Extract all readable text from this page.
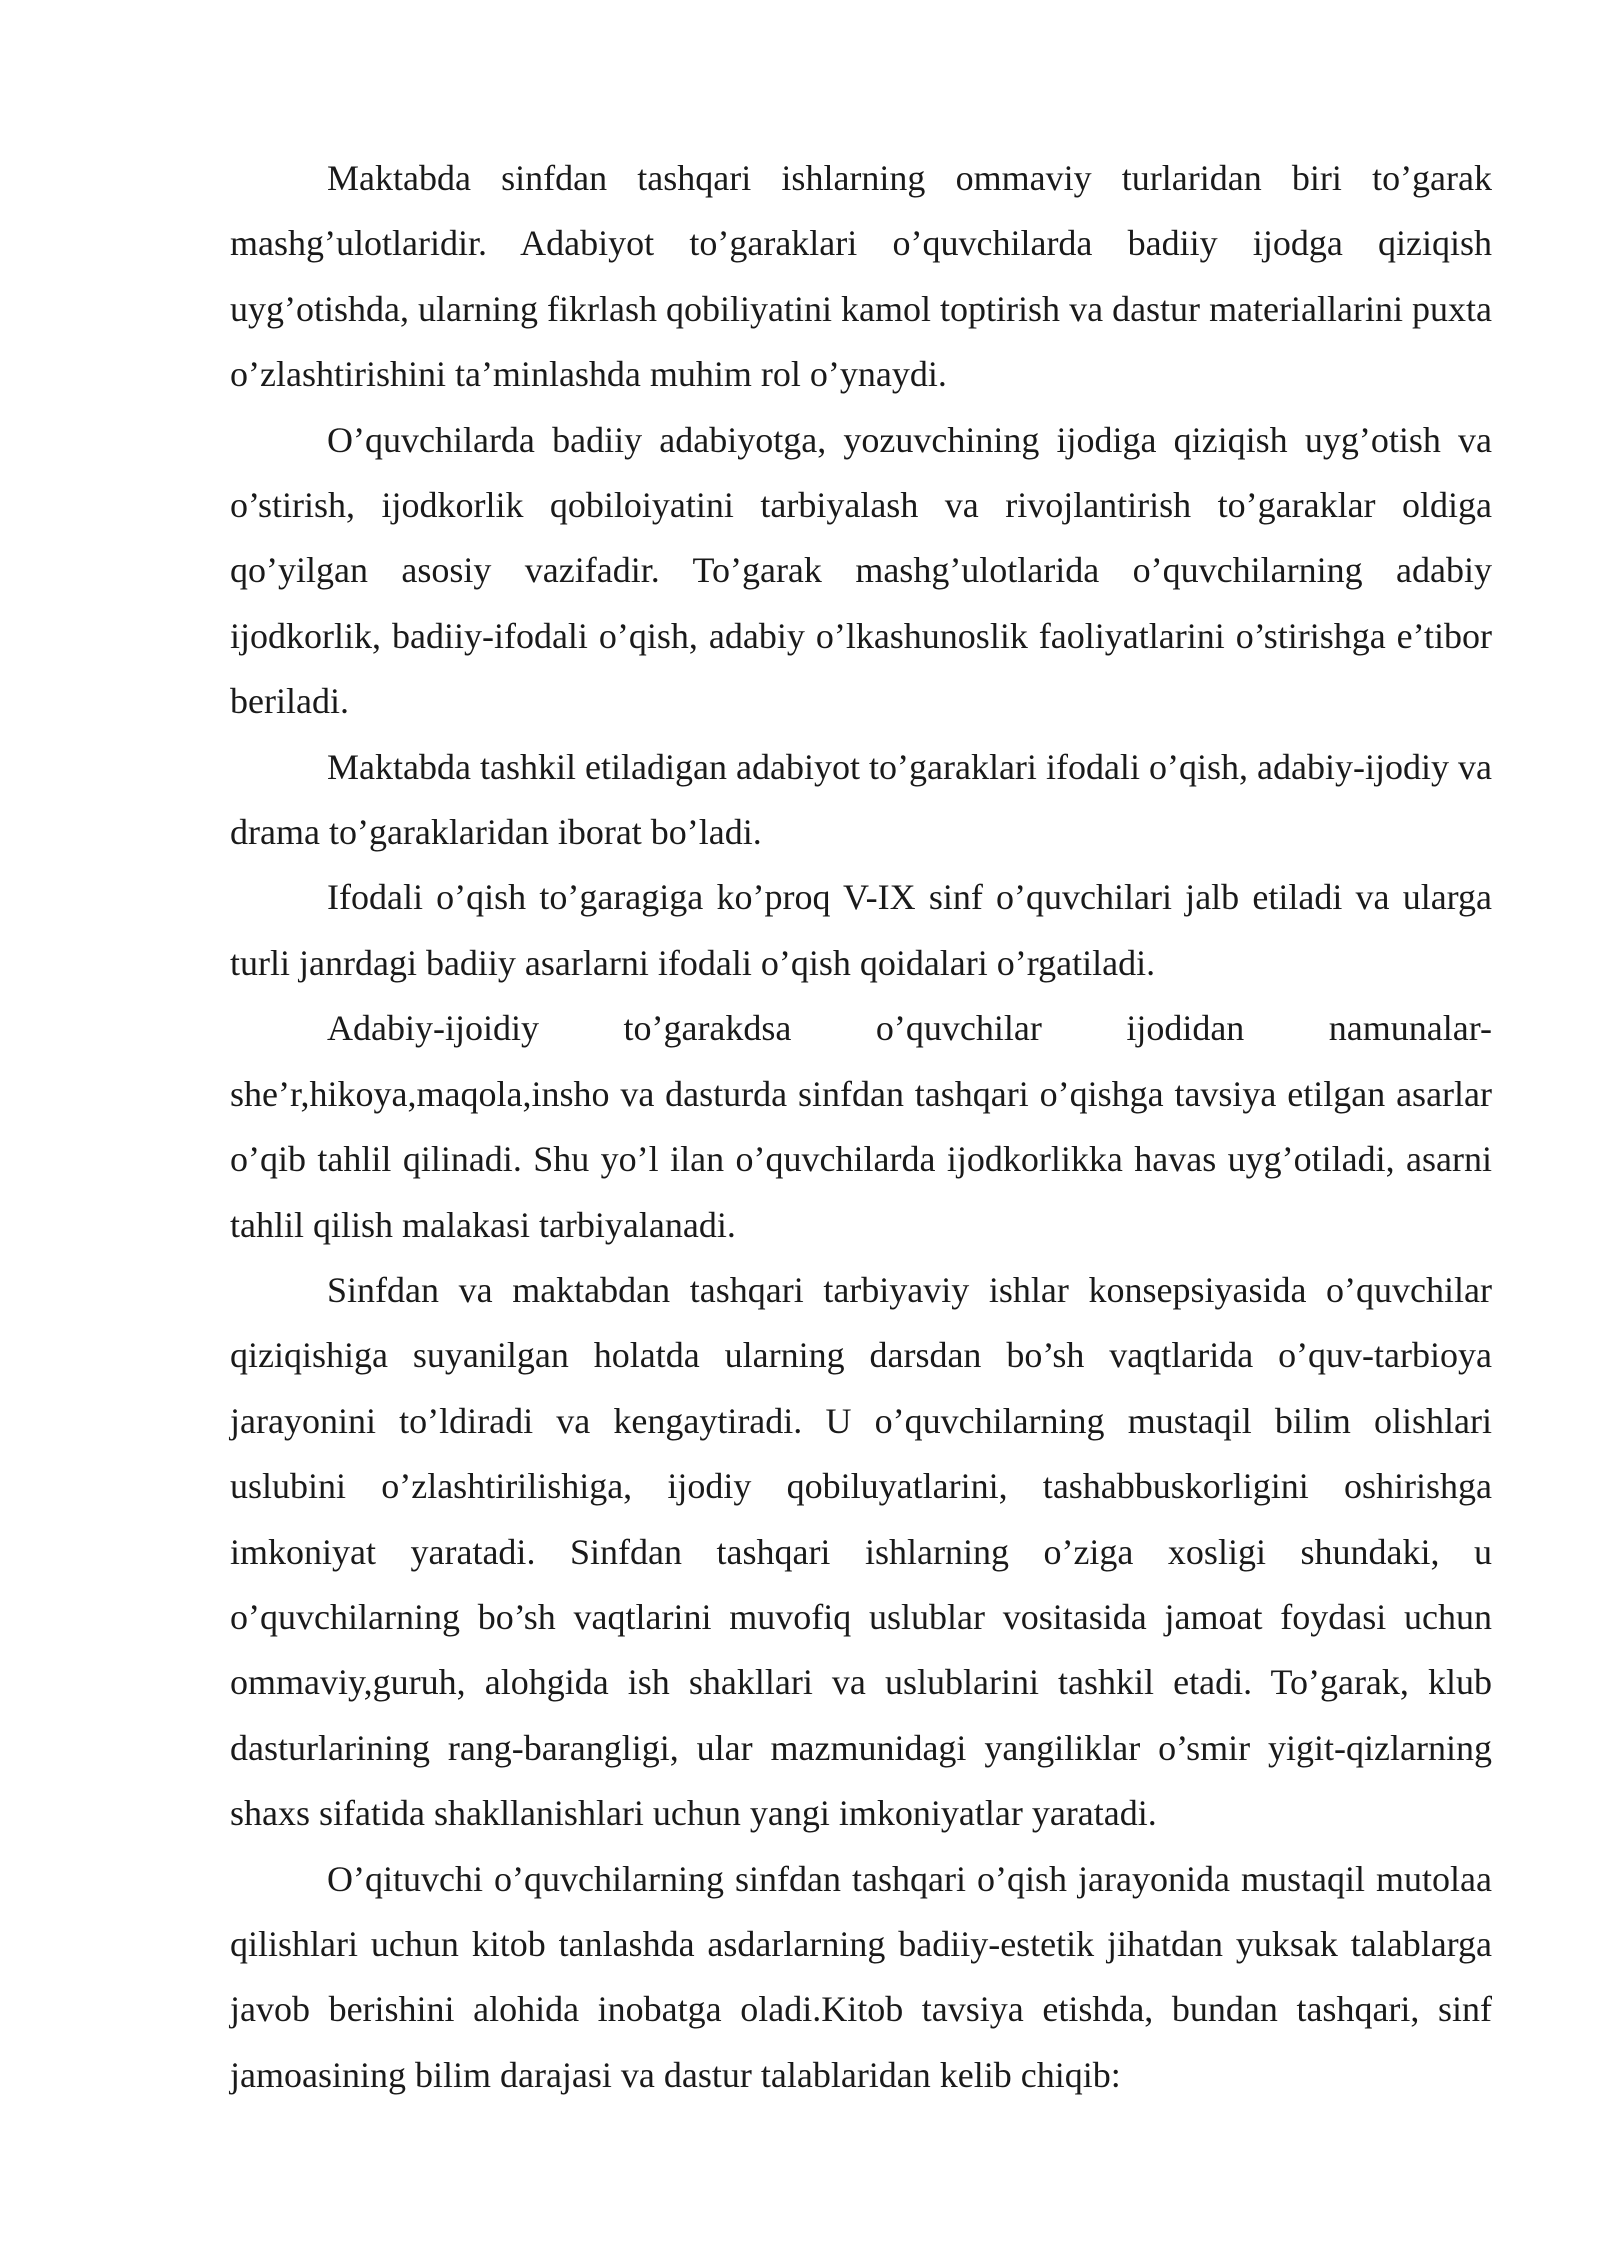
Maktabda sinfdan tashqari ishlarning ommaviy turlaridan biri to’garak mashg’ulotlaridir. Adabiyot to’garaklari o’quvchilarda badiiy ijodga qiziqish uyg’otishda, ularning fikrlash qobiliyatini kamol toptirish va dastur materiallarini puxta o’zlashtirishini ta’minlashda muhim rol o’ynaydi.

O’quvchilarda badiiy adabiyotga, yozuvchining ijodiga qiziqish uyg’otish va o’stirish, ijodkorlik qobiloiyatini tarbiyalash va rivojlantirish to’garaklar oldiga qo’yilgan asosiy vazifadir. To’garak mashg’ulotlarida o’quvchilarning adabiy ijodkorlik, badiiy-ifodali o’qish, adabiy o’lkashunoslik faoliyatlarini o’stirishga e’tibor beriladi.

Maktabda tashkil etiladigan adabiyot to’garaklari ifodali o’qish, adabiy-ijodiy va drama to’garaklaridan iborat bo’ladi.

Ifodali o’qish to’garagiga ko’proq V-IX sinf o’quvchilari jalb etiladi va ularga turli janrdagi badiiy asarlarni ifodali o’qish qoidalari o’rgatiladi.

Adabiy-ijoidiy to’garakdsa o’quvchilar ijodidan namunalar-she’r,hikoya,maqola,insho va dasturda sinfdan tashqari o’qishga tavsiya etilgan asarlar o’qib tahlil qilinadi. Shu yo’l ilan o’quvchilarda ijodkorlikka havas uyg’otiladi, asarni tahlil qilish malakasi tarbiyalanadi.

Sinfdan va maktabdan tashqari tarbiyaviy ishlar konsepsiyasida o’quvchilar qiziqishiga suyanilgan holatda ularning darsdan bo’sh vaqtlarida o’quv-tarbioya jarayonini to’ldiradi va kengaytiradi. U o’quvchilarning mustaqil bilim olishlari uslubini o’zlashtirilishiga, ijodiy qobiluyatlarini, tashabbuskorligini oshirishga imkoniyat yaratadi. Sinfdan tashqari ishlarning o’ziga xosligi shundaki, u o’quvchilarning bo’sh vaqtlarini muvofiq uslublar vositasida jamoat foydasi uchun ommaviy,guruh, alohgida ish shakllari va uslublarini tashkil etadi. To’garak, klub dasturlarining rang-barangligi, ular mazmunidagi yangiliklar o’smir yigit-qizlarning shaxs sifatida shakllanishlari uchun yangi imkoniyatlar yaratadi.

O’qituvchi o’quvchilarning sinfdan tashqari o’qish jarayonida mustaqil mutolaa qilishlari uchun kitob tanlashda asdarlarning badiiy-estetik jihatdan yuksak talablarga javob berishini alohida inobatga oladi.Kitob tavsiya etishda, bundan tashqari, sinf jamoasining bilim darajasi va dastur talablaridan kelib chiqib:
